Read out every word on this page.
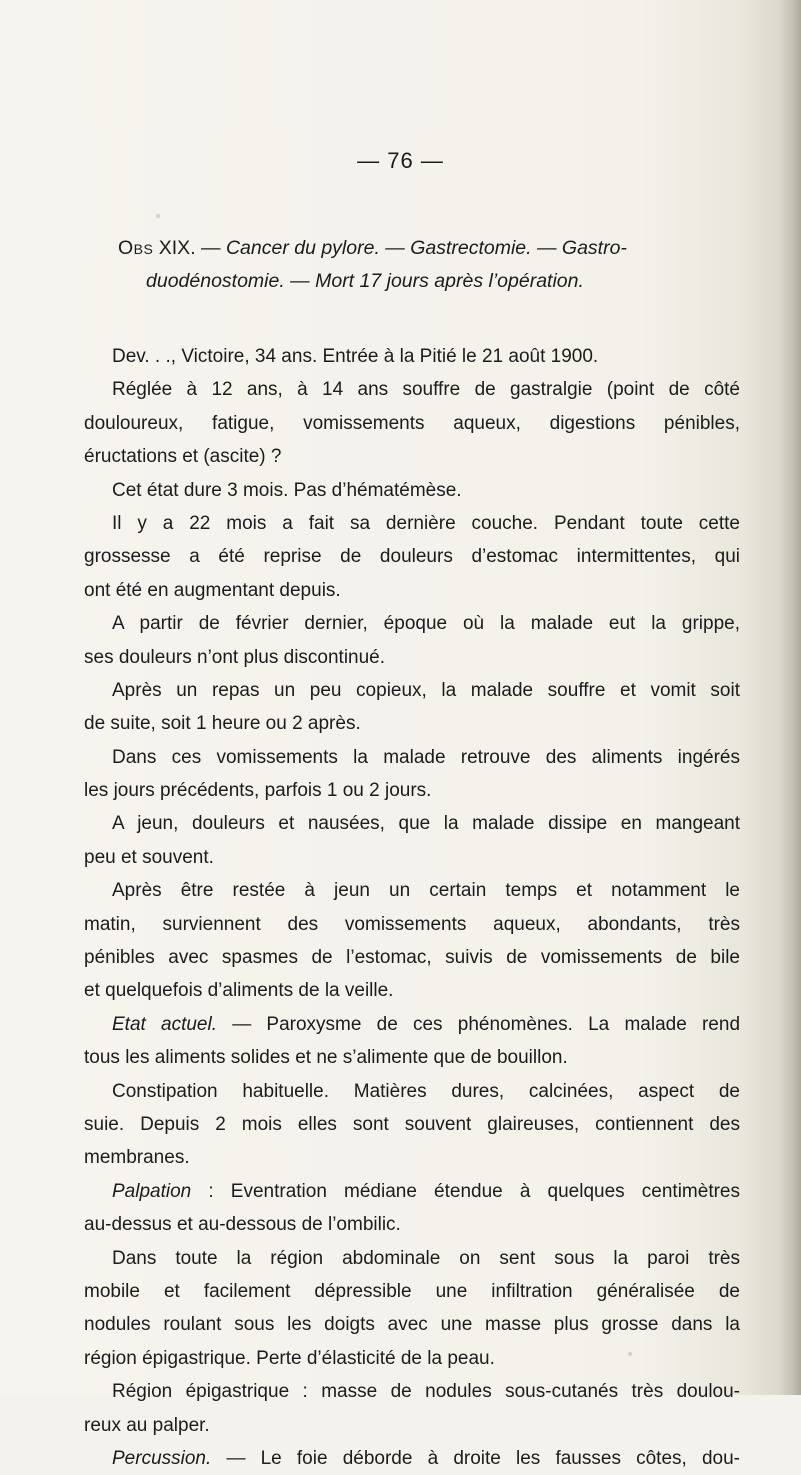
— 76 —
Obs XIX. — Cancer du pylore. — Gastrectomie. — Gastro-
duodénostomie. — Mort 17 jours après l’opération.
Dev. . ., Victoire, 34 ans. Entrée à la Pitié le 21 août 1900.
Réglée à 12 ans, à 14 ans souffre de gastralgie (point de côté
douloureux, fatigue, vomissements aqueux, digestions pénibles,
éructations et (ascite) ?
Cet état dure 3 mois. Pas d’hématémèse.
Il y a 22 mois a fait sa dernière couche. Pendant toute cette
grossesse a été reprise de douleurs d’estomac intermittentes, qui
ont été en augmentant depuis.
A partir de février dernier, époque où la malade eut la grippe,
ses douleurs n’ont plus discontinué.
Après un repas un peu copieux, la malade souffre et vomit soit
de suite, soit 1 heure ou 2 après.
Dans ces vomissements la malade retrouve des aliments ingérés
les jours précédents, parfois 1 ou 2 jours.
A jeun, douleurs et nausées, que la malade dissipe en mangeant
peu et souvent.
Après être restée à jeun un certain temps et notamment le
matin, surviennent des vomissements aqueux, abondants, très
pénibles avec spasmes de l’estomac, suivis de vomissements de bile
et quelquefois d’aliments de la veille.
Etat actuel. — Paroxysme de ces phénomènes. La malade rend
tous les aliments solides et ne s’alimente que de bouillon.
Constipation habituelle. Matières dures, calcinées, aspect de
suie. Depuis 2 mois elles sont souvent glaireuses, contiennent des
membranes.
Palpation : Eventration médiane étendue à quelques centimètres
au-dessus et au-dessous de l’ombilic.
Dans toute la région abdominale on sent sous la paroi très
mobile et facilement dépressible une infiltration généralisée de
nodules roulant sous les doigts avec une masse plus grosse dans la
région épigastrique. Perte d’élasticité de la peau.
Région épigastrique : masse de nodules sous-cutanés très doulou-
reux au palper.
Percussion. — Le foie déborde à droite les fausses côtes, dou-
